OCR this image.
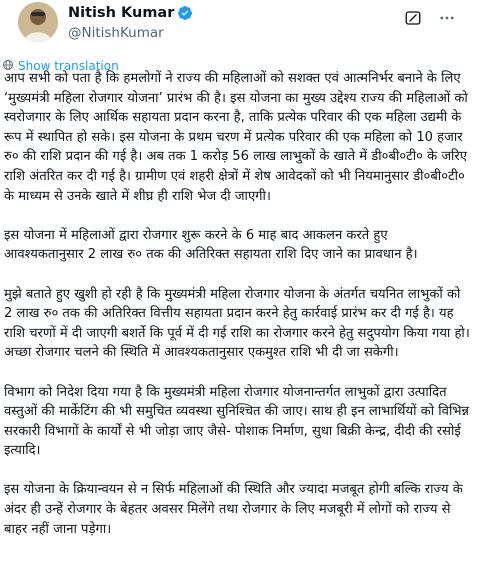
Nitish Kumar
@NitishKumar
Show translation

आप सभी को पता है कि हमलोगों ने राज्य की महिलाओं को सशक्त एवं आत्मनिर्भर बनाने के लिए ‘मुख्यमंत्री महिला रोजगार योजना’ प्रारंभ की है। इस योजना का मुख्य उद्देश्य राज्य की महिलाओं को स्वरोजगार के लिए आर्थिक सहायता प्रदान करना है, ताकि प्रत्येक परिवार की एक महिला उद्यमी के रूप में स्थापित हो सके। इस योजना के प्रथम चरण में प्रत्येक परिवार की एक महिला को 10 हजार रु० की राशि प्रदान की गई है। अब तक 1 करोड़ 56 लाख लाभुकों के खाते में डी०बी०टी० के जरिए राशि अंतरित कर दी गई है। ग्रामीण एवं शहरी क्षेत्रों में शेष आवेदकों को भी नियमानुसार डी०बी०टी० के माध्यम से उनके खाते में शीघ्र ही राशि भेज दी जाएगी।

इस योजना में महिलाओं द्वारा रोजगार शुरू करने के 6 माह बाद आकलन करते हुए आवश्यकतानुसार 2 लाख रु० तक की अतिरिक्त सहायता राशि दिए जाने का प्रावधान है।

मुझे बताते हुए खुशी हो रही है कि मुख्यमंत्री महिला रोजगार योजना के अंतर्गत चयनित लाभुकों को 2 लाख रु० तक की अतिरिक्त वित्तीय सहायता प्रदान करने हेतु कार्रवाई प्रारंभ कर दी गई है। यह राशि चरणों में दी जाएगी बशर्ते कि पूर्व में दी गई राशि का रोजगार करने हेतु सदुपयोग किया गया हो। अच्छा रोजगार चलने की स्थिति में आवश्यकतानुसार एकमुश्त राशि भी दी जा सकेगी।

विभाग को निदेश दिया गया है कि मुख्यमंत्री महिला रोजगार योजनान्तर्गत लाभुकों द्वारा उत्पादित वस्तुओं की मार्केटिंग की भी समुचित व्यवस्था सुनिश्चित की जाए। साथ ही इन लाभार्थियों को विभिन्न सरकारी विभागों के कार्यों से भी जोड़ा जाए जैसे- पोशाक निर्माण, सुधा बिक्री केन्द्र, दीदी की रसोई इत्यादि।

इस योजना के क्रियान्वयन से न सिर्फ महिलाओं की स्थिति और ज्यादा मजबूत होगी बल्कि राज्य के अंदर ही उन्हें रोजगार के बेहतर अवसर मिलेंगे तथा रोजगार के लिए मजबूरी में लोगों को राज्य से बाहर नहीं जाना पड़ेगा।
